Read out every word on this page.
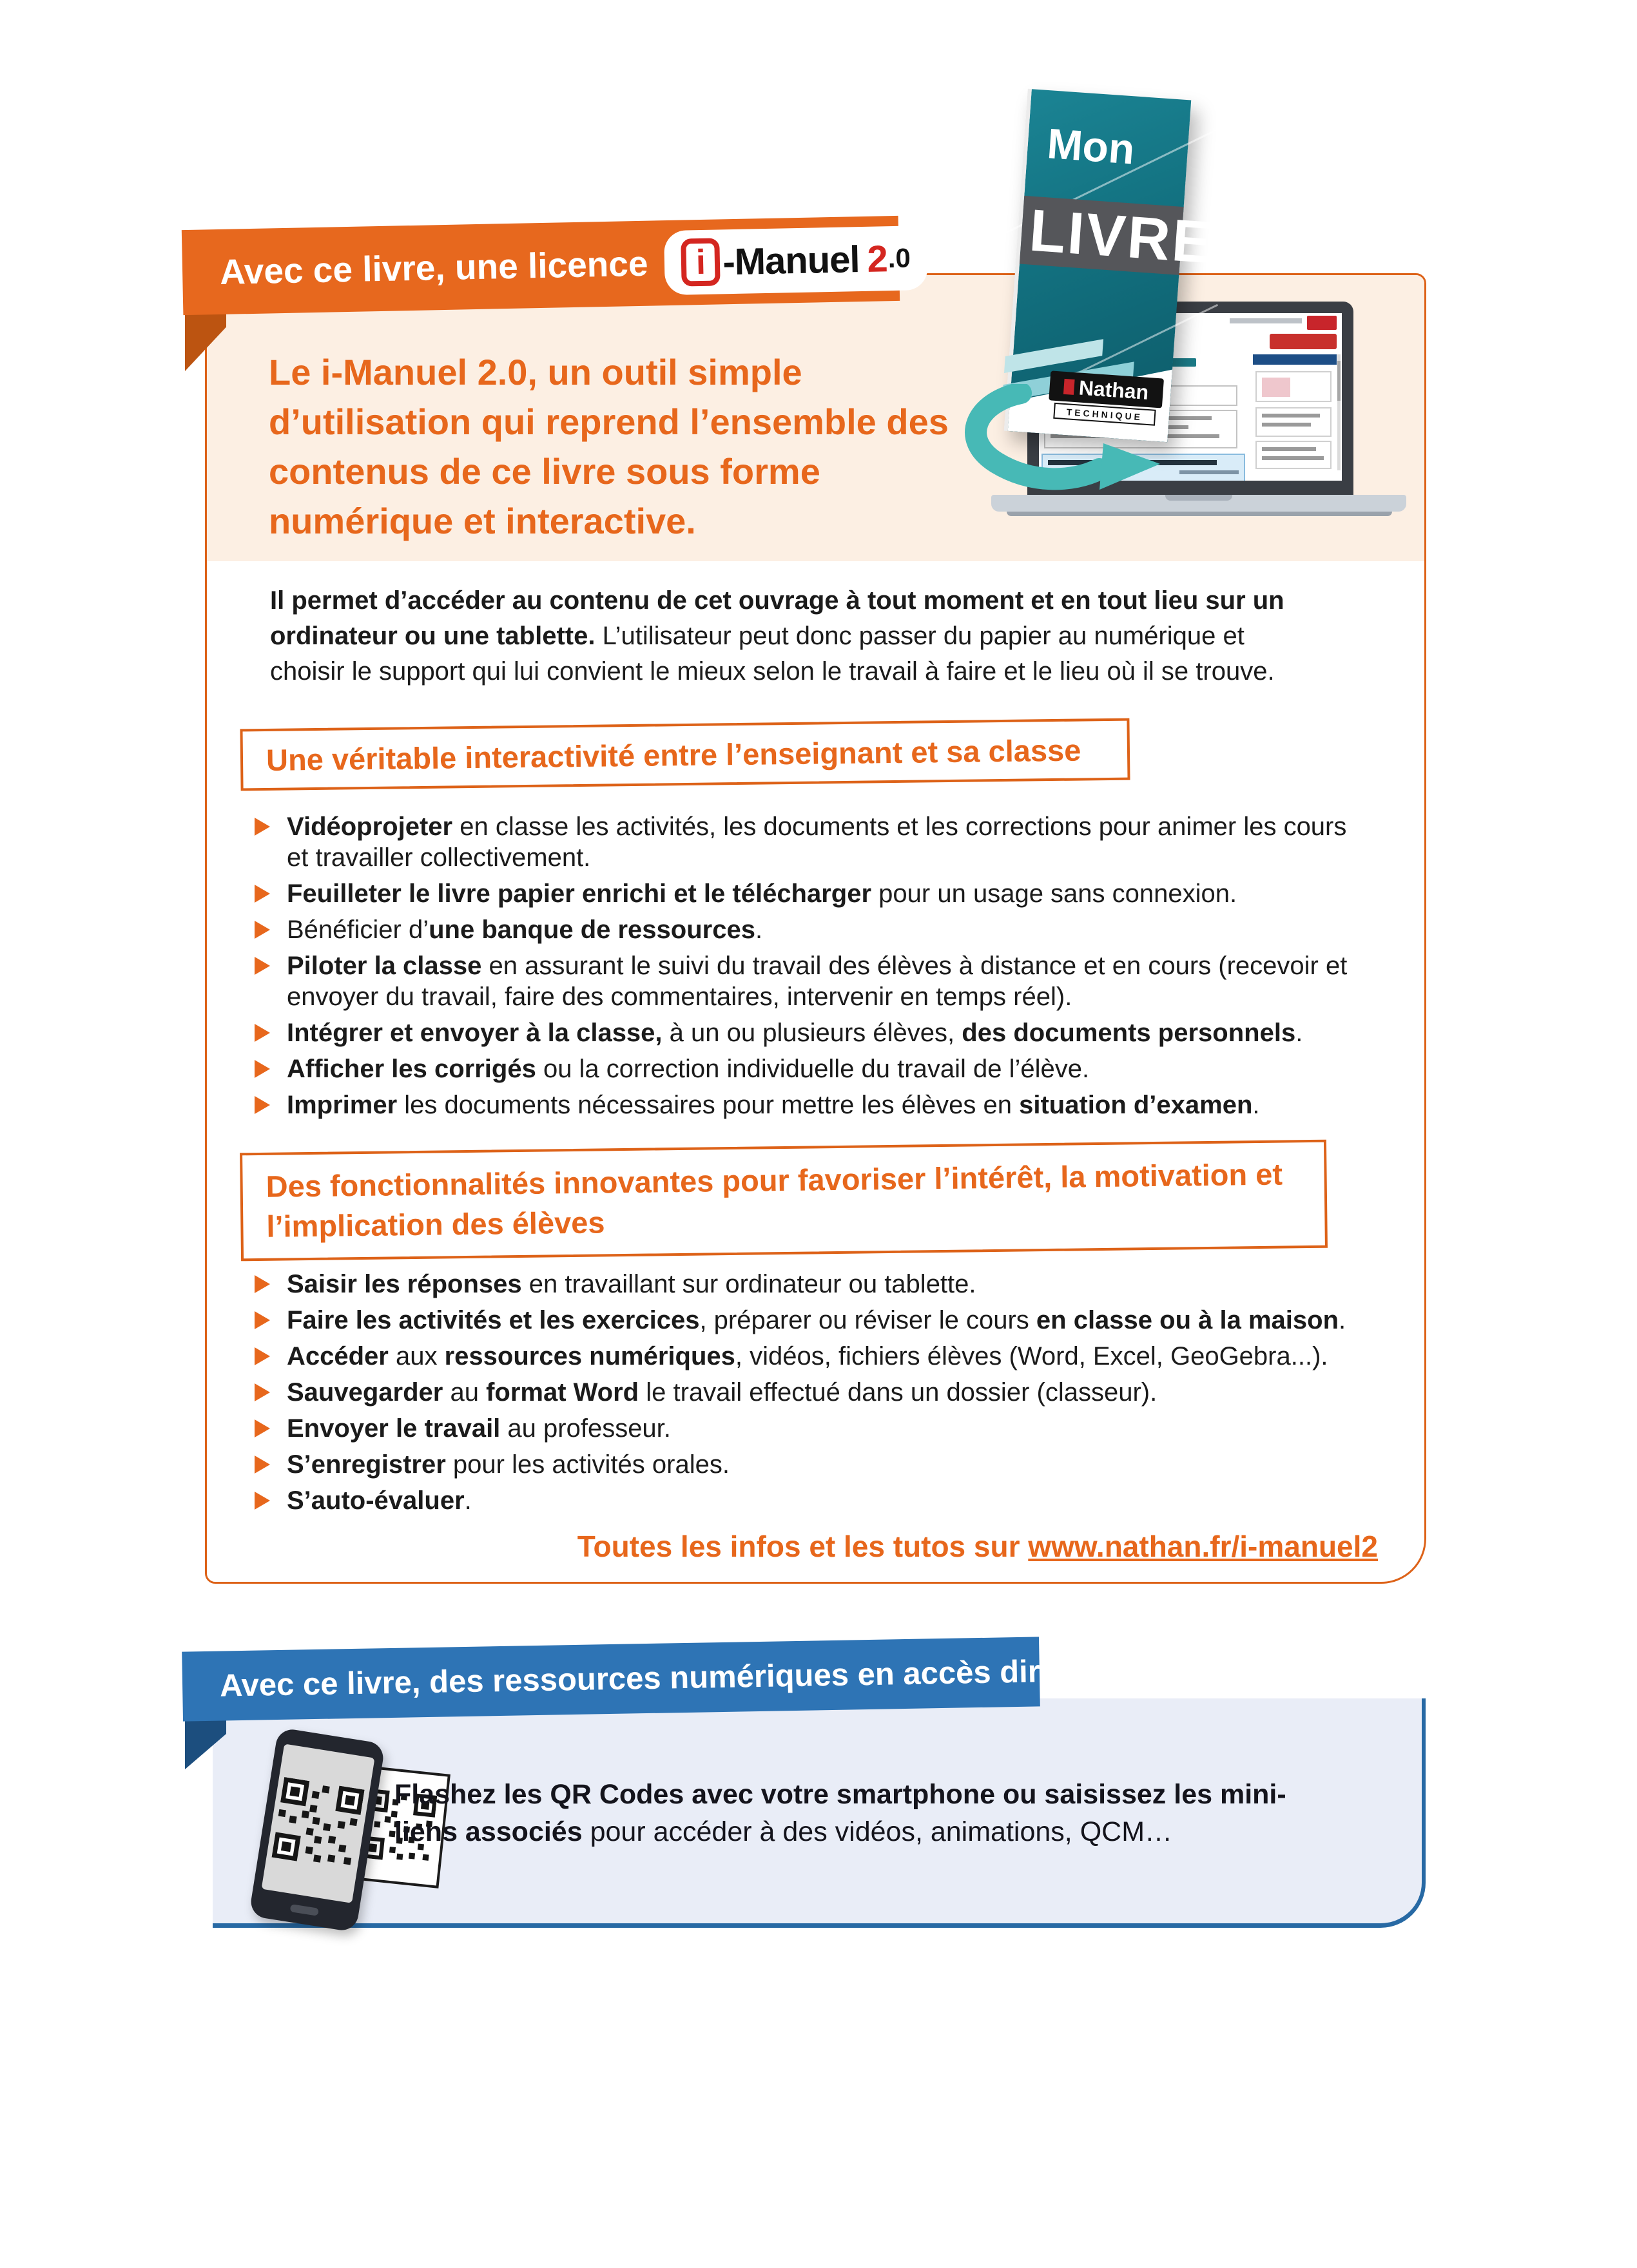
Le i-Manuel 2.0, un outil simple d’utilisation qui reprend l’ensemble des contenus de ce livre sous forme numérique et interactive.
Il permet d’accéder au contenu de cet ouvrage à tout moment et en tout lieu sur un ordinateur ou une tablette. L’utilisateur peut donc passer du papier au numérique et choisir le support qui lui convient le mieux selon le travail à faire et le lieu où il se trouve.
Une véritable interactivité entre l’enseignant et sa classe
Vidéoprojeter en classe les activités, les documents et les corrections pour animer les cours et travailler collectivement.
Feuilleter le livre papier enrichi et le télécharger pour un usage sans connexion.
Bénéficier d’une banque de ressources.
Piloter la classe en assurant le suivi du travail des élèves à distance et en cours (recevoir et envoyer du travail, faire des commentaires, intervenir en temps réel).
Intégrer et envoyer à la classe, à un ou plusieurs élèves, des documents personnels.
Afficher les corrigés ou la correction individuelle du travail de l’élève.
Imprimer les documents nécessaires pour mettre les élèves en situation d’examen.
Des fonctionnalités innovantes pour favoriser l’intérêt, la motivation et l’implication des élèves
Saisir les réponses en travaillant sur ordinateur ou tablette.
Faire les activités et les exercices, préparer ou réviser le cours en classe ou à la maison.
Accéder aux ressources numériques, vidéos, fichiers élèves (Word, Excel, GeoGebra...).
Sauvegarder au format Word le travail effectué dans un dossier (classeur).
Envoyer le travail au professeur.
S’enregistrer pour les activités orales.
S’auto-évaluer.
Toutes les infos et les tutos sur www.nathan.fr/i-manuel2
Avec ce livre, une licence	i -Manuel 2
.0
Mon
LIVRE
Nathan
TECHNIQUE
Avec ce livre, des ressources numériques en accès direct
Flashez les QR Codes avec votre smartphone ou saisissez les mini-liens associés pour accéder à des vidéos, animations, QCM…
